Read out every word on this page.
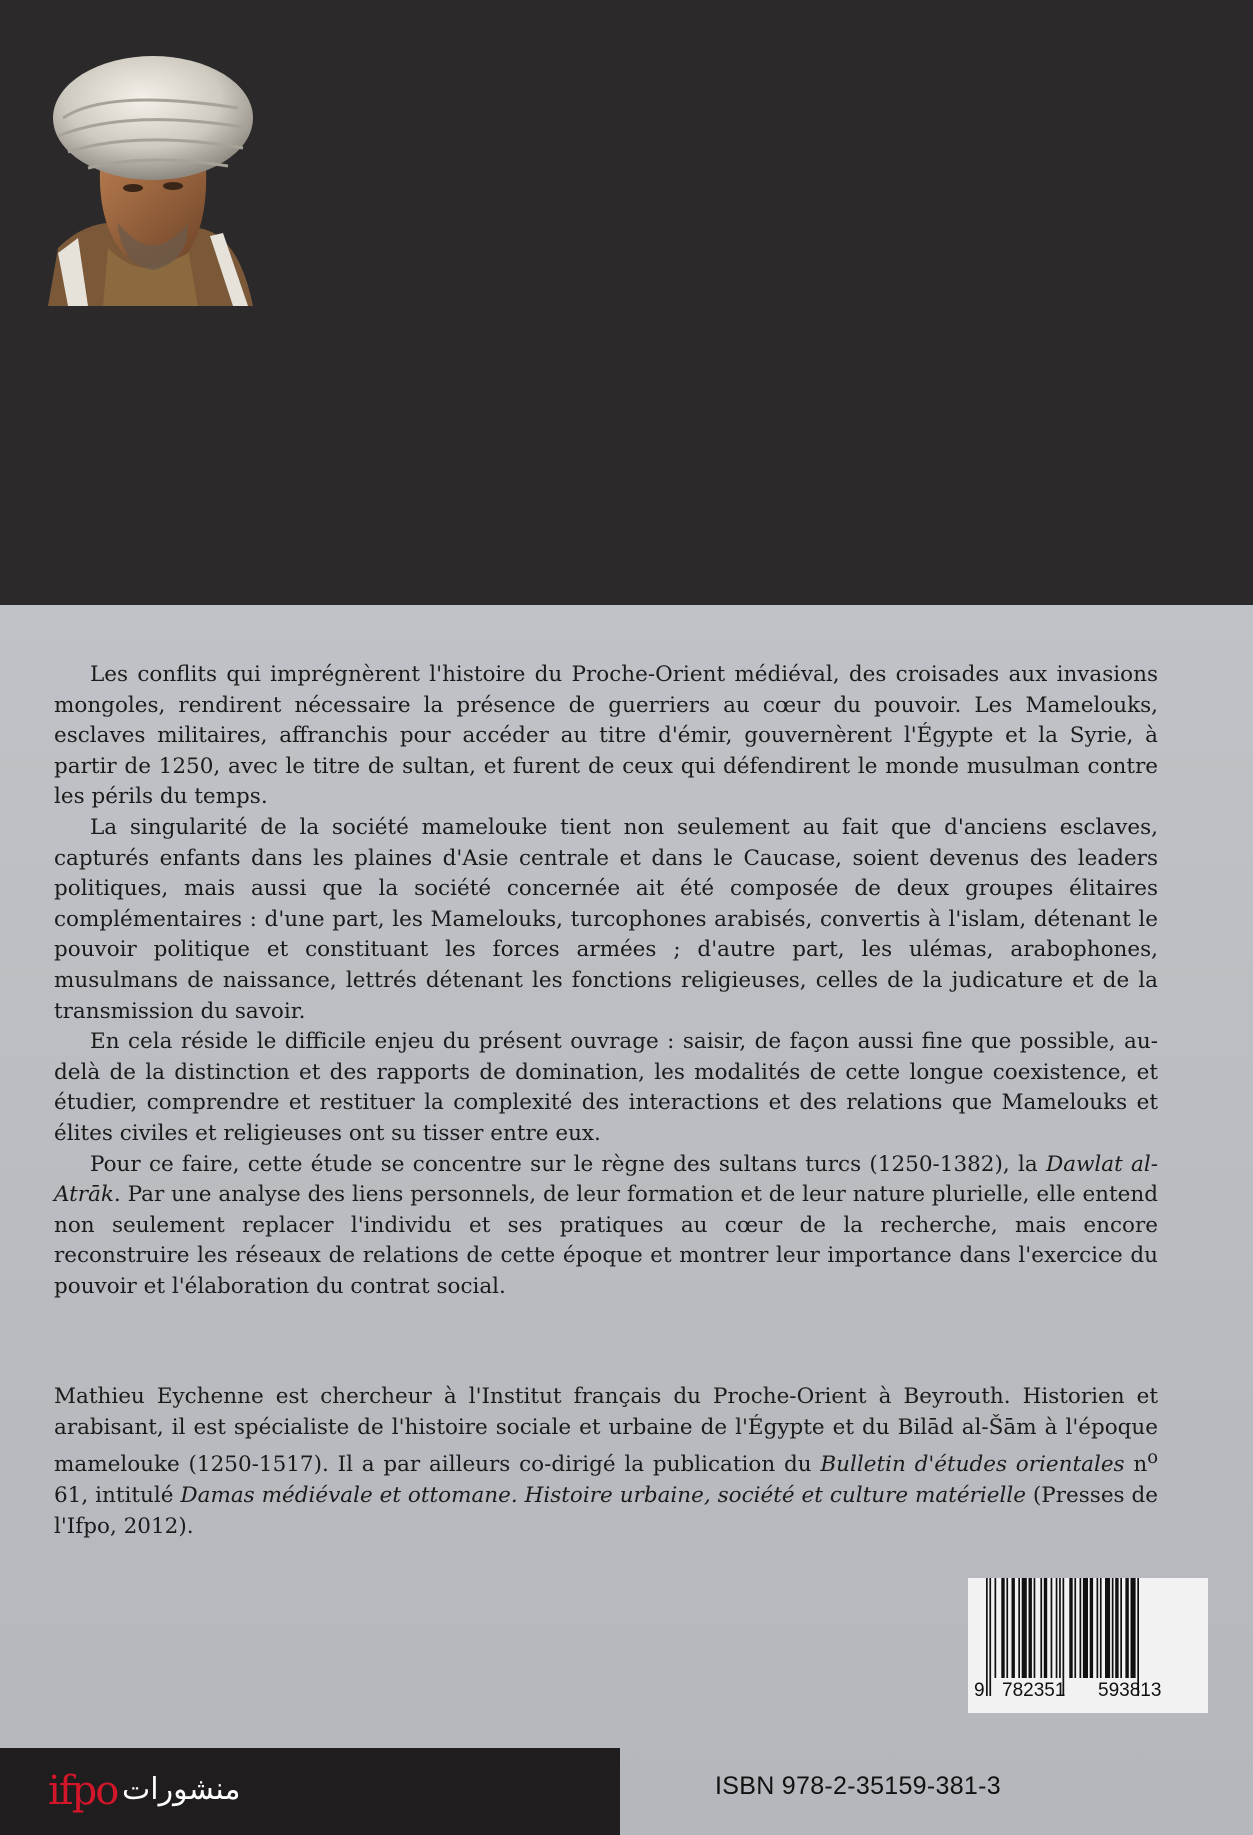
Les conflits qui imprégnèrent l'histoire du Proche-Orient médiéval, des croisades aux invasions mongoles, rendirent nécessaire la présence de guerriers au cœur du pouvoir. Les Mamelouks, esclaves militaires, affranchis pour accéder au titre d'émir, gouvernèrent l'Égypte et la Syrie, à partir de 1250, avec le titre de sultan, et furent de ceux qui défendirent le monde musulman contre les périls du temps.

La singularité de la société mamelouke tient non seulement au fait que d'anciens esclaves, capturés enfants dans les plaines d'Asie centrale et dans le Caucase, soient devenus des leaders politiques, mais aussi que la société concernée ait été composée de deux groupes élitaires complémentaires : d'une part, les Mamelouks, turcophones arabisés, convertis à l'islam, détenant le pouvoir politique et constituant les forces armées ; d'autre part, les ulémas, arabophones, musulmans de naissance, lettrés détenant les fonctions religieuses, celles de la judicature et de la transmission du savoir.

En cela réside le difficile enjeu du présent ouvrage : saisir, de façon aussi fine que possible, au-delà de la distinction et des rapports de domination, les modalités de cette longue coexistence, et étudier, comprendre et restituer la complexité des interactions et des relations que Mamelouks et élites civiles et religieuses ont su tisser entre eux.

Pour ce faire, cette étude se concentre sur le règne des sultans turcs (1250-1382), la Dawlat al-Atrāk. Par une analyse des liens personnels, de leur formation et de leur nature plurielle, elle entend non seulement replacer l'individu et ses pratiques au cœur de la recherche, mais encore reconstruire les réseaux de relations de cette époque et montrer leur importance dans l'exercice du pouvoir et l'élaboration du contrat social.

Mathieu Eychenne est chercheur à l'Institut français du Proche-Orient à Beyrouth. Historien et arabisant, il est spécialiste de l'histoire sociale et urbaine de l'Égypte et du Bilād al-Šām à l'époque mamelouke (1250-1517). Il a par ailleurs co-dirigé la publication du Bulletin d'études orientales $n^o$ 61, intitulé Damas médiévale et ottomane. Histoire urbaine, société et culture matérielle (Presses de l'Ifpo, 2012).

9 782351 593813
ifpo منشورات	ISBN 978-2-35159-381-3
